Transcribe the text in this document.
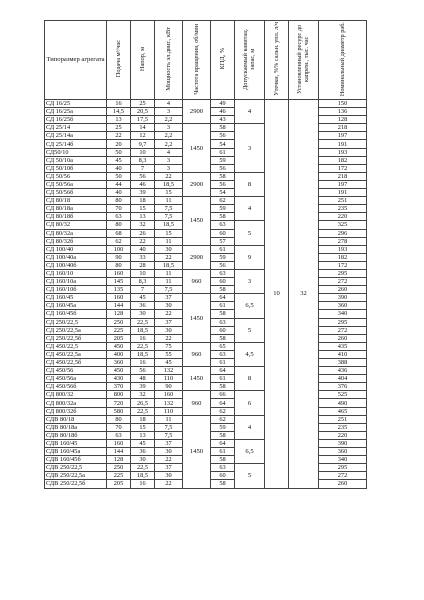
Типоразмер агрегата	Подача м³/час	Напор, м	Мощность эл.двиг., кВт	Частота вращения, об/мин	КПД, %	Допускаемый кавитац. запас, м	Утечки, %% сальн. упл. л/ч	Установленный ресурс до капрем., тыс. час	Номинальный диаметр раб.
СД 16/25	16	25	4	2900	49	4	10	32	150
СД 16/25а	14,5	20,5	3		46				136
СД 16/25б	13	17,5	2,2		43				128
СД 25/14	25	14	3	1450	58	3			218
СД 25/14а	22	12	2,2		56				197
СД 25/14б	20	9,7	2,2		54				191
СД50/10	50	10	4		61				193
СД 50/10а	45	8,3	3		59				182
СД 50/10б	40	7	3		56				172
СД 50/56	50	56	22	2900	58	8			218
СД 50/56а	44	46	18,5		56				197
СД 50/56б	40	39	15		54				191
СД 80/18	80	18	11	1450	62	4			251
СД 80/18а	70	15	7,5		59				235
СД 80/18б	63	13	7,5		58				220
СД 80/32	80	32	18,5		63	5			325
СД 80/32а	68	26	15		60				296
СД 80/32б	62	22	11		57				278
СД 100/40	100	40	30	2900	61	9			193
СД 100/40а	90	33	22		59				182
СД 100/40б	80	28	18,5		56				172
СД 160/10	160	10	11	960	63	3			295
СД 160/10а	145	8,3	11		60				272
СД 160/10б	135	7	7,5		58				260
СД 160/45	160	45	37	1450	64	6,5			390
СД 160/45а	144	36	30		61				360
СД 160/45б	128	30	22		58				340
СД 250/22,5	250	22,5	37		63	5			295
СД 250/22,5а	225	18,5	30		60				272
СД 250/22,5б	205	16	22		58				260
СД 450/22,5	450	22,5	75	960	65	4,5			435
СД 450/22,5а	400	18,5	55		63				410
СД 450/22,5б	360	16	45		61				388
СД 450/56	450	56	132	1450	64	8			436
СД 450/56а	430	48	110		61				404
СД 450/56б	370	39	90		58				376
СД 800/32	800	32	160	960	66	6			525
СД 800/32а	720	26,5	132		64				490
СД 800/32б	580	22,5	110		62				465
СДВ 80/18	80	18	11	1450	62	4			251
СДВ 80/18а	70	15	7,5		59				235
СДВ 80/18б	63	13	7,5		58				220
СДВ 160/45	160	45	37		64	6,5			390
СДВ 160/45а	144	36	30		61				360
СДВ 160/45б	128	30	22		58				340
СДВ 250/22,5	250	22,5	37		63	5			295
СДВ 250/22,5а	225	18,5	30		60				272
СДВ 250/22,5б	205	16	22		58				260
